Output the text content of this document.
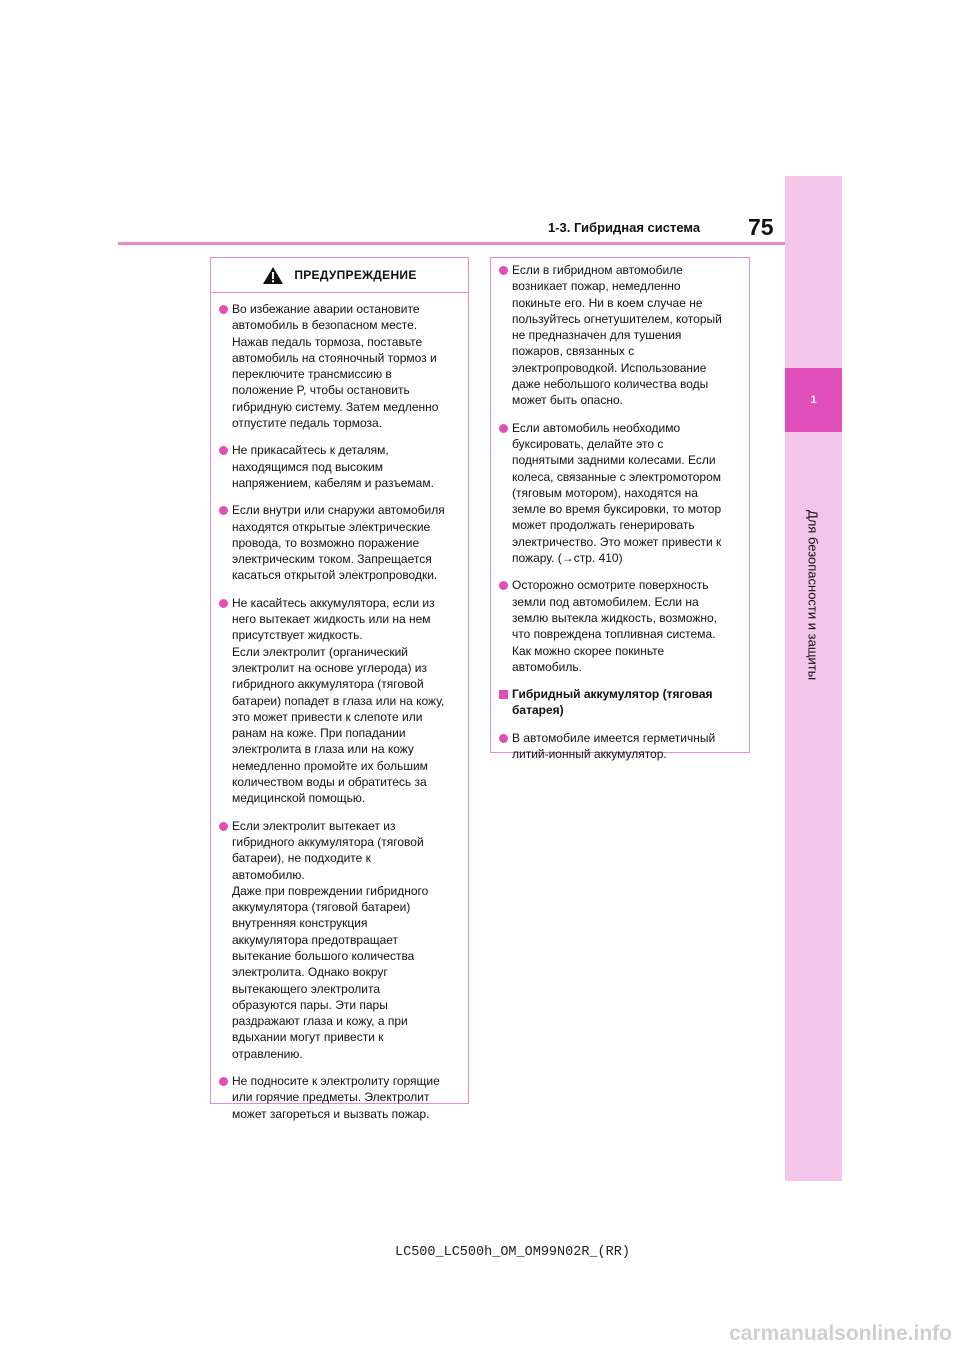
1-3. Гибридная система 75
1
Для безопасности и защиты
ПРЕДУПРЕЖДЕНИЕ
Во избежание аварии остановите
автомобиль в безопасном месте.
Нажав педаль тормоза, поставьте
автомобиль на стояночный тормоз и
переключите трансмиссию в
положение P, чтобы остановить
гибридную систему. Затем медленно
отпустите педаль тормоза.
Не прикасайтесь к деталям,
находящимся под высоким
напряжением, кабелям и разъемам.
Если внутри или снаружи автомобиля
находятся открытые электрические
провода, то возможно поражение
электрическим током. Запрещается
касаться открытой электропроводки.
Не касайтесь аккумулятора, если из
него вытекает жидкость или на нем
присутствует жидкость.
Если электролит (органический
электролит на основе углерода) из
гибридного аккумулятора (тяговой
батареи) попадет в глаза или на кожу,
это может привести к слепоте или
ранам на коже. При попадании
электролита в глаза или на кожу
немедленно промойте их большим
количеством воды и обратитесь за
медицинской помощью.
Если электролит вытекает из
гибридного аккумулятора (тяговой
батареи), не подходите к
автомобилю.
Даже при повреждении гибридного
аккумулятора (тяговой батареи)
внутренняя конструкция
аккумулятора предотвращает
вытекание большого количества
электролита. Однако вокруг
вытекающего электролита
образуются пары. Эти пары
раздражают глаза и кожу, а при
вдыхании могут привести к
отравлению.
Не подносите к электролиту горящие
или горячие предметы. Электролит
может загореться и вызвать пожар.
Если в гибридном автомобиле
возникает пожар, немедленно
покиньте его. Ни в коем случае не
пользуйтесь огнетушителем, который
не предназначен для тушения
пожаров, связанных с
электропроводкой. Использование
даже небольшого количества воды
может быть опасно.
Если автомобиль необходимо
буксировать, делайте это с
поднятыми задними колесами. Если
колеса, связанные с электромотором
(тяговым мотором), находятся на
земле во время буксировки, то мотор
может продолжать генерировать
электричество. Это может привести к
пожару. (→стр. 410)
Осторожно осмотрите поверхность
земли под автомобилем. Если на
землю вытекла жидкость, возможно,
что повреждена топливная система.
Как можно скорее покиньте
автомобиль.
Гибридный аккумулятор (тяговая
батарея)
В автомобиле имеется герметичный
литий-ионный аккумулятор.
LC500_LC500h_OM_OM99N02R_(RR)
carmanualsonline.info
